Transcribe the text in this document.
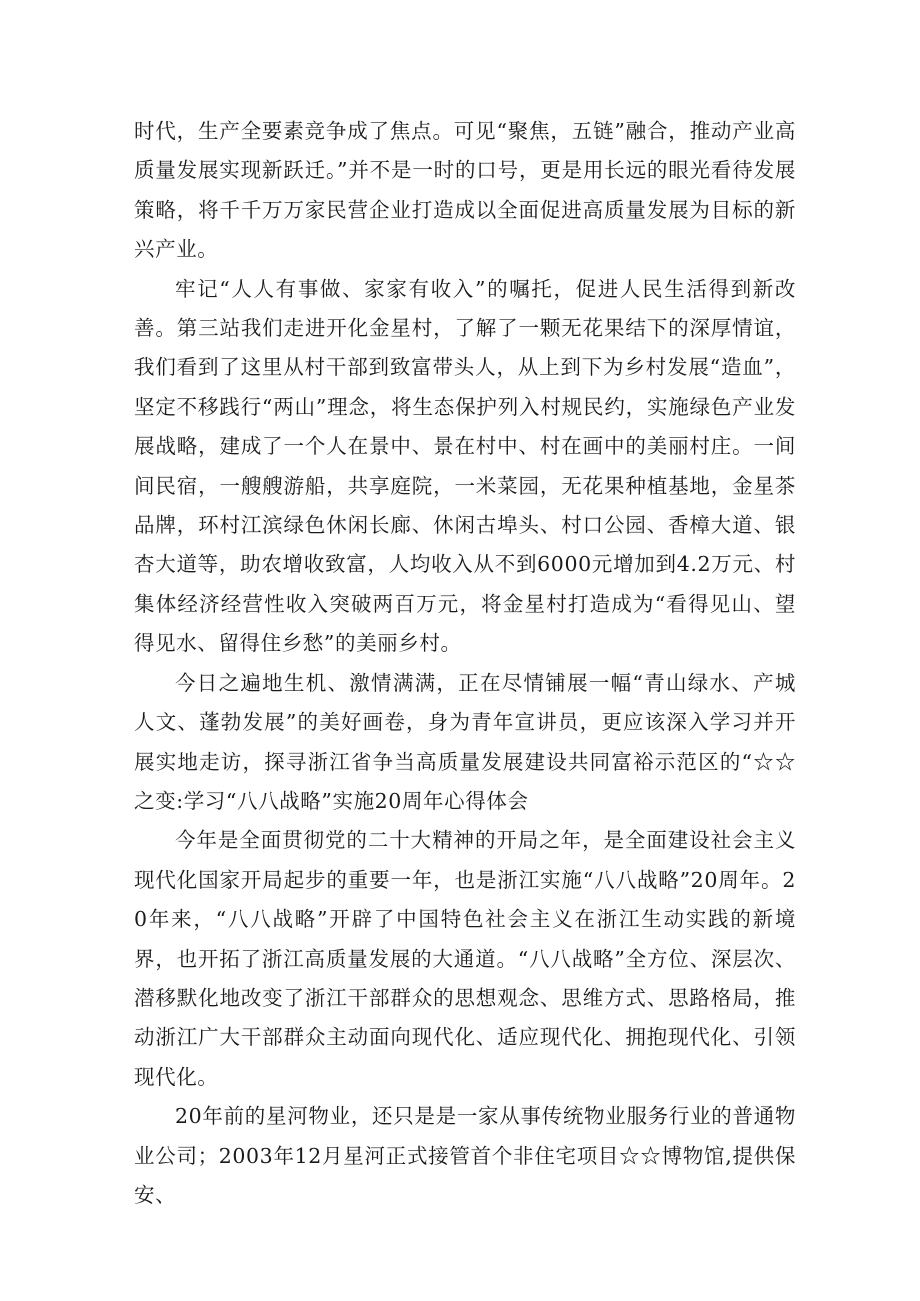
时代，生产全要素竞争成了焦点。可见“聚焦，五链”融合，推动产业高质量发展实现新跃迁。”并不是一时的口号，更是用长远的眼光看待发展策略，将千千万万家民营企业打造成以全面促进高质量发展为目标的新兴产业。

牢记“人人有事做、家家有收入”的嘱托，促进人民生活得到新改善。第三站我们走进开化金星村，了解了一颗无花果结下的深厚情谊，我们看到了这里从村干部到致富带头人，从上到下为乡村发展“造血”，坚定不移践行“两山”理念，将生态保护列入村规民约，实施绿色产业发展战略，建成了一个人在景中、景在村中、村在画中的美丽村庄。一间间民宿，一艘艘游船，共享庭院，一米菜园，无花果种植基地，金星茶品牌，环村江滨绿色休闲长廊、休闲古埠头、村口公园、香樟大道、银杏大道等，助农增收致富，人均收入从不到6000元增加到4.2万元、村集体经济经营性收入突破两百万元，将金星村打造成为“看得见山、望得见水、留得住乡愁”的美丽乡村。

今日之遍地生机、激情满满，正在尽情铺展一幅“青山绿水、产城人文、蓬勃发展”的美好画卷，身为青年宣讲员，更应该深入学习并开展实地走访，探寻浙江省争当高质量发展建设共同富裕示范区的“☆☆之变:学习“八八战略”实施20周年心得体会

今年是全面贯彻党的二十大精神的开局之年，是全面建设社会主义现代化国家开局起步的重要一年，也是浙江实施“八八战略”20周年。20年来，“八八战略”开辟了中国特色社会主义在浙江生动实践的新境界，也开拓了浙江高质量发展的大通道。“八八战略”全方位、深层次、潜移默化地改变了浙江干部群众的思想观念、思维方式、思路格局，推动浙江广大干部群众主动面向现代化、适应现代化、拥抱现代化、引领现代化。

20年前的星河物业，还只是是一家从事传统物业服务行业的普通物业公司；2003年12月星河正式接管首个非住宅项目☆☆博物馆,提供保安、
